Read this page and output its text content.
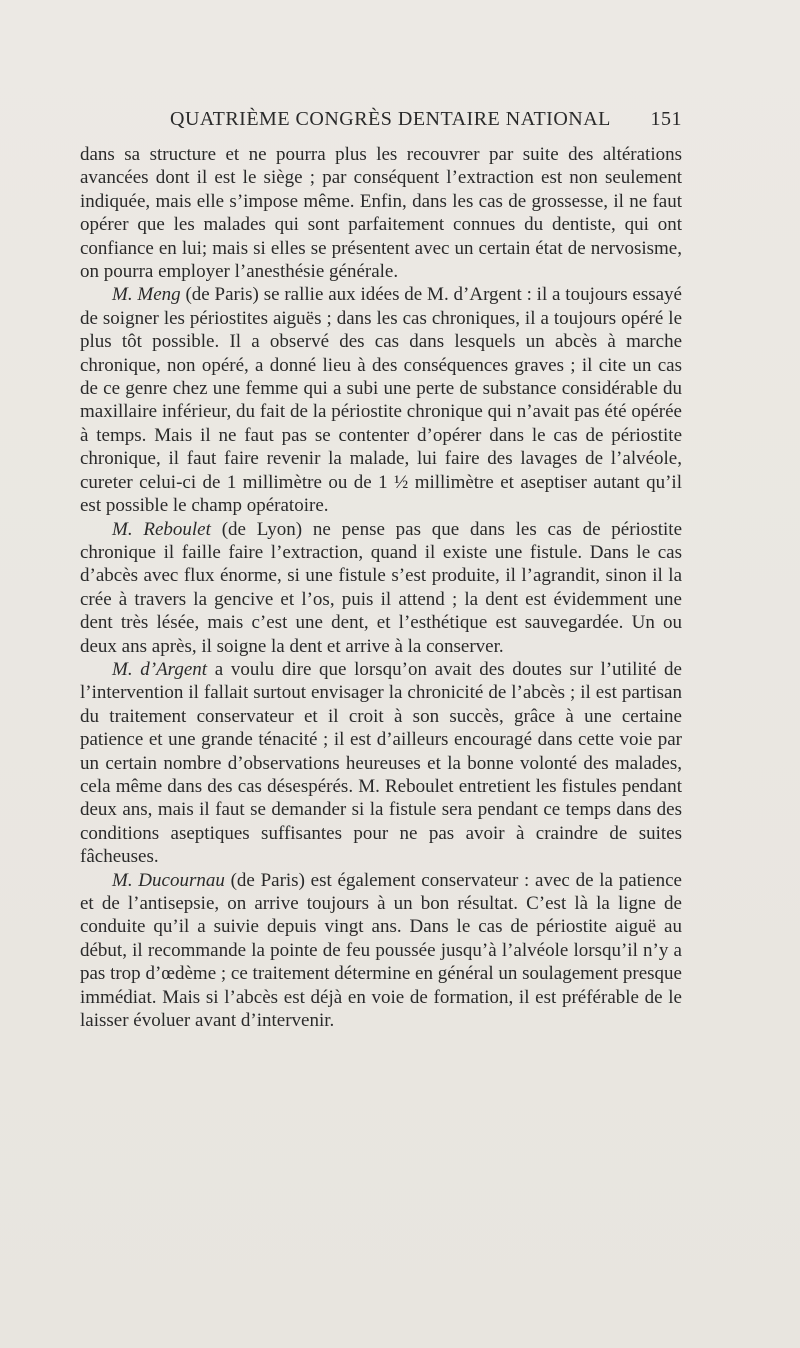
QUATRIÈME CONGRÈS DENTAIRE NATIONAL 151

dans sa structure et ne pourra plus les recouvrer par suite des altérations avancées dont il est le siège ; par conséquent l’extraction est non seulement indiquée, mais elle s’impose même. Enfin, dans les cas de grossesse, il ne faut opérer que les malades qui sont parfaitement connues du dentiste, qui ont confiance en lui; mais si elles se présentent avec un certain état de nervosisme, on pourra employer l’anesthésie générale.

M. Meng (de Paris) se rallie aux idées de M. d’Argent : il a toujours essayé de soigner les périostites aiguës ; dans les cas chroniques, il a toujours opéré le plus tôt possible. Il a observé des cas dans lesquels un abcès à marche chronique, non opéré, a donné lieu à des conséquences graves ; il cite un cas de ce genre chez une femme qui a subi une perte de substance considérable du maxillaire inférieur, du fait de la périostite chronique qui n’avait pas été opérée à temps. Mais il ne faut pas se contenter d’opérer dans le cas de périostite chronique, il faut faire revenir la malade, lui faire des lavages de l’alvéole, cureter celui-ci de 1 millimètre ou de 1 ½ millimètre et aseptiser autant qu’il est possible le champ opératoire.

M. Reboulet (de Lyon) ne pense pas que dans les cas de périostite chronique il faille faire l’extraction, quand il existe une fistule. Dans le cas d’abcès avec flux énorme, si une fistule s’est produite, il l’agrandit, sinon il la crée à travers la gencive et l’os, puis il attend ; la dent est évidemment une dent très lésée, mais c’est une dent, et l’esthétique est sauvegardée. Un ou deux ans après, il soigne la dent et arrive à la conserver.

M. d’Argent a voulu dire que lorsqu’on avait des doutes sur l’utilité de l’intervention il fallait surtout envisager la chronicité de l’abcès ; il est partisan du traitement conservateur et il croit à son succès, grâce à une certaine patience et une grande ténacité ; il est d’ailleurs encouragé dans cette voie par un certain nombre d’observations heureuses et la bonne volonté des malades, cela même dans des cas désespérés. M. Reboulet entretient les fistules pendant deux ans, mais il faut se demander si la fistule sera pendant ce temps dans des conditions aseptiques suffisantes pour ne pas avoir à craindre de suites fâcheuses.

M. Ducournau (de Paris) est également conservateur : avec de la patience et de l’antisepsie, on arrive toujours à un bon résultat. C’est là la ligne de conduite qu’il a suivie depuis vingt ans. Dans le cas de périostite aiguë au début, il recommande la pointe de feu poussée jusqu’à l’alvéole lorsqu’il n’y a pas trop d’œdème ; ce traitement détermine en général un soulagement presque immédiat. Mais si l’abcès est déjà en voie de formation, il est préférable de le laisser évoluer avant d’intervenir.
